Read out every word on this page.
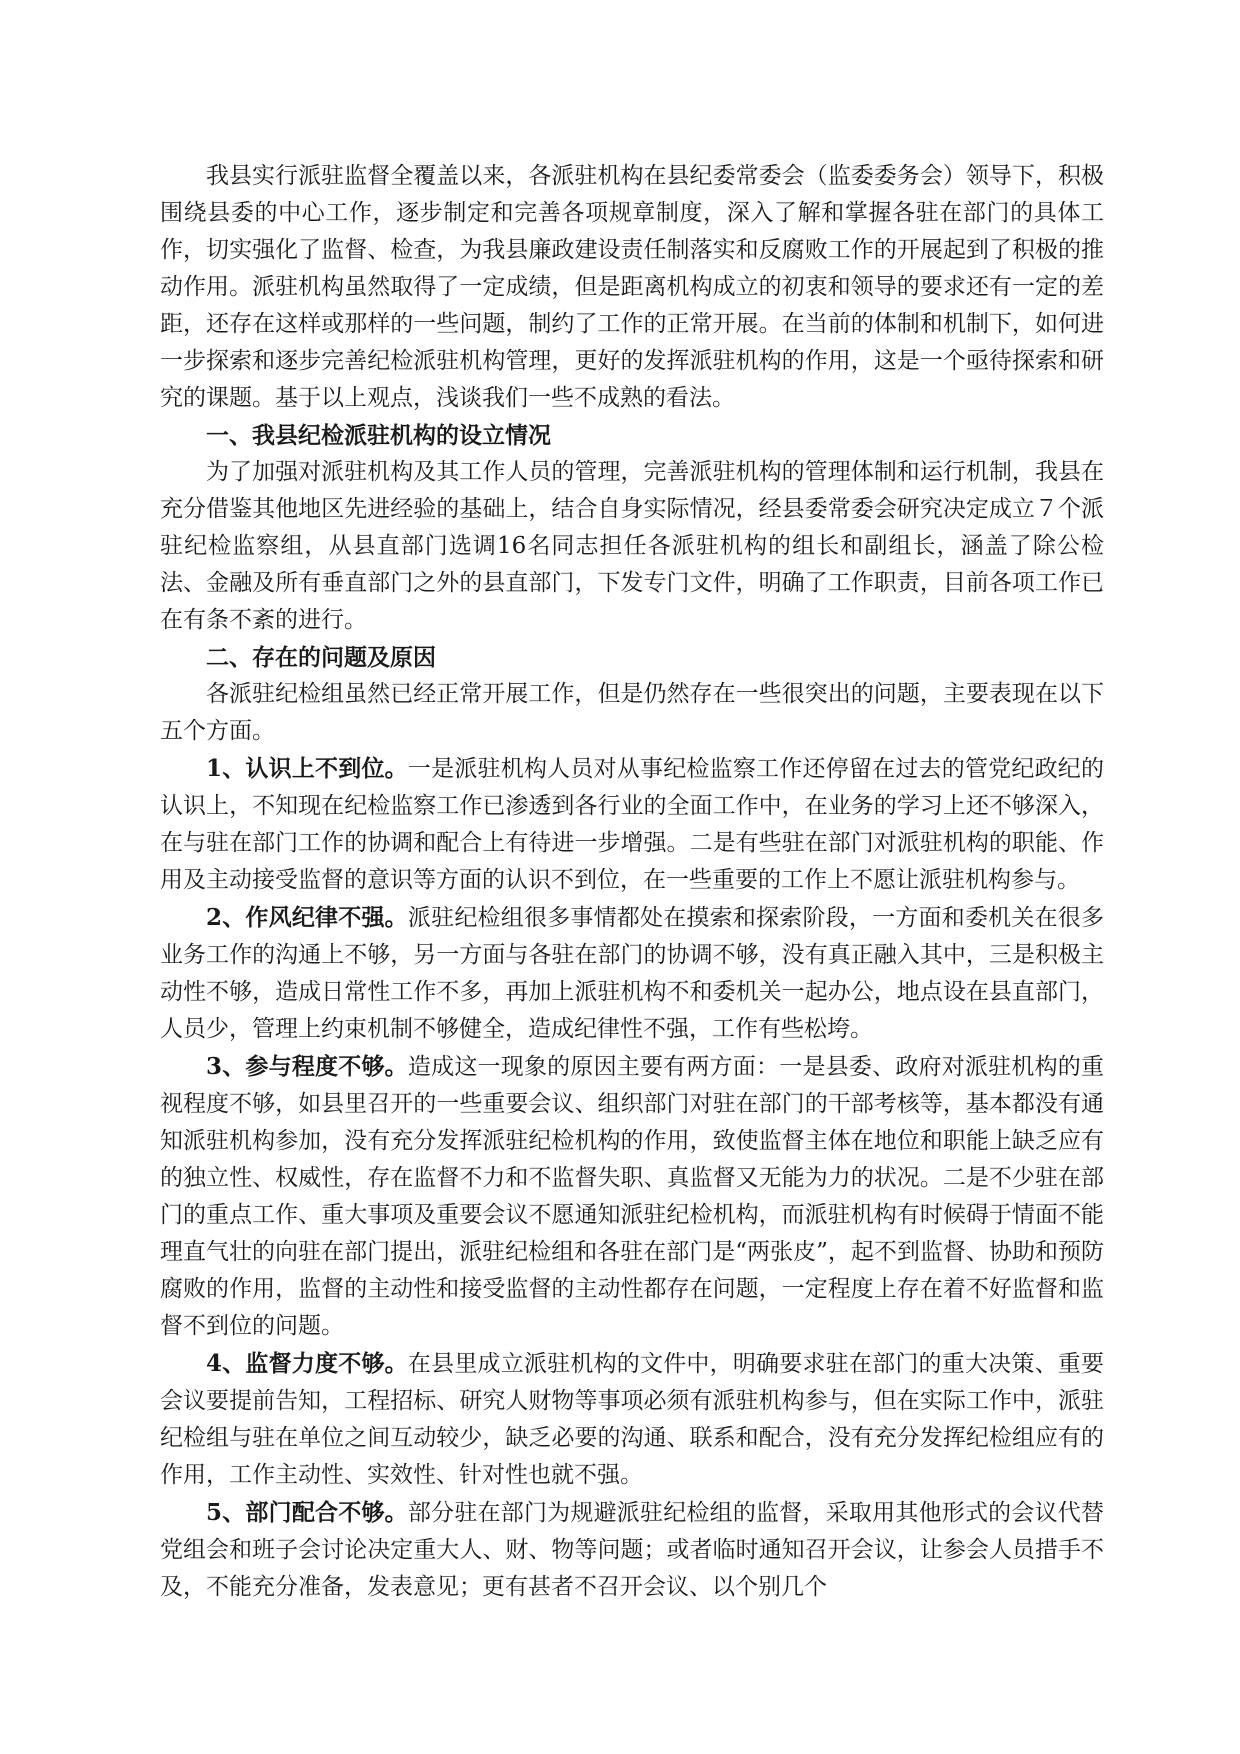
我县实行派驻监督全覆盖以来，各派驻机构在县纪委常委会（监委委务会）领导下，积极围绕县委的中心工作，逐步制定和完善各项规章制度，深入了解和掌握各驻在部门的具体工作，切实强化了监督、检查，为我县廉政建设责任制落实和反腐败工作的开展起到了积极的推动作用。派驻机构虽然取得了一定成绩，但是距离机构成立的初衷和领导的要求还有一定的差距，还存在这样或那样的一些问题，制约了工作的正常开展。在当前的体制和机制下，如何进一步探索和逐步完善纪检派驻机构管理，更好的发挥派驻机构的作用，这是一个亟待探索和研究的课题。基于以上观点，浅谈我们一些不成熟的看法。

一、我县纪检派驻机构的设立情况

为了加强对派驻机构及其工作人员的管理，完善派驻机构的管理体制和运行机制，我县在充分借鉴其他地区先进经验的基础上，结合自身实际情况，经县委常委会研究决定成立７个派驻纪检监察组，从县直部门选调16名同志担任各派驻机构的组长和副组长，涵盖了除公检法、金融及所有垂直部门之外的县直部门，下发专门文件，明确了工作职责，目前各项工作已在有条不紊的进行。

二、存在的问题及原因

各派驻纪检组虽然已经正常开展工作，但是仍然存在一些很突出的问题，主要表现在以下五个方面。

1、认识上不到位。一是派驻机构人员对从事纪检监察工作还停留在过去的管党纪政纪的认识上，不知现在纪检监察工作已渗透到各行业的全面工作中，在业务的学习上还不够深入，在与驻在部门工作的协调和配合上有待进一步增强。二是有些驻在部门对派驻机构的职能、作用及主动接受监督的意识等方面的认识不到位，在一些重要的工作上不愿让派驻机构参与。

2、作风纪律不强。派驻纪检组很多事情都处在摸索和探索阶段，一方面和委机关在很多业务工作的沟通上不够，另一方面与各驻在部门的协调不够，没有真正融入其中，三是积极主动性不够，造成日常性工作不多，再加上派驻机构不和委机关一起办公，地点设在县直部门，人员少，管理上约束机制不够健全，造成纪律性不强，工作有些松垮。

3、参与程度不够。造成这一现象的原因主要有两方面：一是县委、政府对派驻机构的重视程度不够，如县里召开的一些重要会议、组织部门对驻在部门的干部考核等，基本都没有通知派驻机构参加，没有充分发挥派驻纪检机构的作用，致使监督主体在地位和职能上缺乏应有的独立性、权威性，存在监督不力和不监督失职、真监督又无能为力的状况。二是不少驻在部门的重点工作、重大事项及重要会议不愿通知派驻纪检机构，而派驻机构有时候碍于情面不能理直气壮的向驻在部门提出，派驻纪检组和各驻在部门是“两张皮”，起不到监督、协助和预防腐败的作用，监督的主动性和接受监督的主动性都存在问题，一定程度上存在着不好监督和监督不到位的问题。

4、监督力度不够。在县里成立派驻机构的文件中，明确要求驻在部门的重大决策、重要会议要提前告知，工程招标、研究人财物等事项必须有派驻机构参与，但在实际工作中，派驻纪检组与驻在单位之间互动较少，缺乏必要的沟通、联系和配合，没有充分发挥纪检组应有的作用，工作主动性、实效性、针对性也就不强。

5、部门配合不够。部分驻在部门为规避派驻纪检组的监督，采取用其他形式的会议代替党组会和班子会讨论决定重大人、财、物等问题；或者临时通知召开会议，让参会人员措手不及，不能充分准备，发表意见；更有甚者不召开会议、以个别几个
